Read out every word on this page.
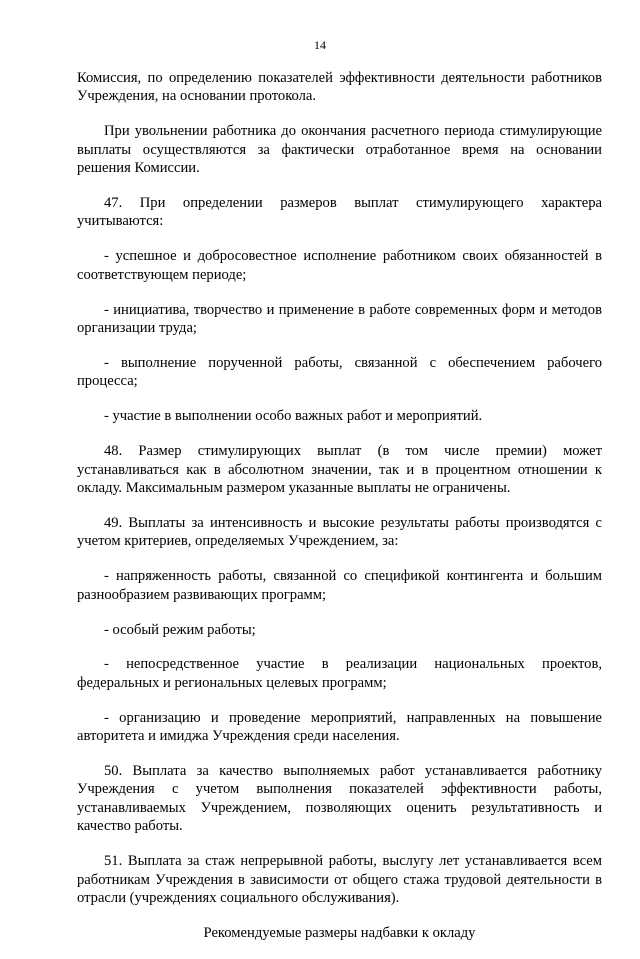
14

Комиссия, по определению показателей эффективности деятельности работников Учреждения, на основании протокола.

При увольнении работника до окончания расчетного периода стимулирующие выплаты осуществляются за фактически отработанное время на основании решения Комиссии.

47. При определении размеров выплат стимулирующего характера учитываются:

- успешное и добросовестное исполнение работником своих обязанностей в соответствующем периоде;

- инициатива, творчество и применение в работе современных форм и методов организации труда;

- выполнение порученной работы, связанной с обеспечением рабочего процесса;

- участие в выполнении особо важных работ и мероприятий.

48. Размер стимулирующих выплат (в том числе премии) может устанавливаться как в абсолютном значении, так и в процентном отношении к окладу. Максимальным размером указанные выплаты не ограничены.

49. Выплаты за интенсивность и высокие результаты работы производятся с учетом критериев, определяемых Учреждением, за:

- напряженность работы, связанной со спецификой контингента и большим разнообразием развивающих программ;

- особый режим работы;

- непосредственное участие в реализации национальных проектов, федеральных и региональных целевых программ;

- организацию и проведение мероприятий, направленных на повышение авторитета и имиджа Учреждения среди населения.

50. Выплата за качество выполняемых работ устанавливается работнику Учреждения с учетом выполнения показателей эффективности работы, устанавливаемых Учреждением, позволяющих оценить результативность и качество работы.

51. Выплата за стаж непрерывной работы, выслугу лет устанавливается всем работникам Учреждения в зависимости от общего стажа трудовой деятельности в отрасли (учреждениях социального обслуживания).

Рекомендуемые размеры надбавки к окладу
